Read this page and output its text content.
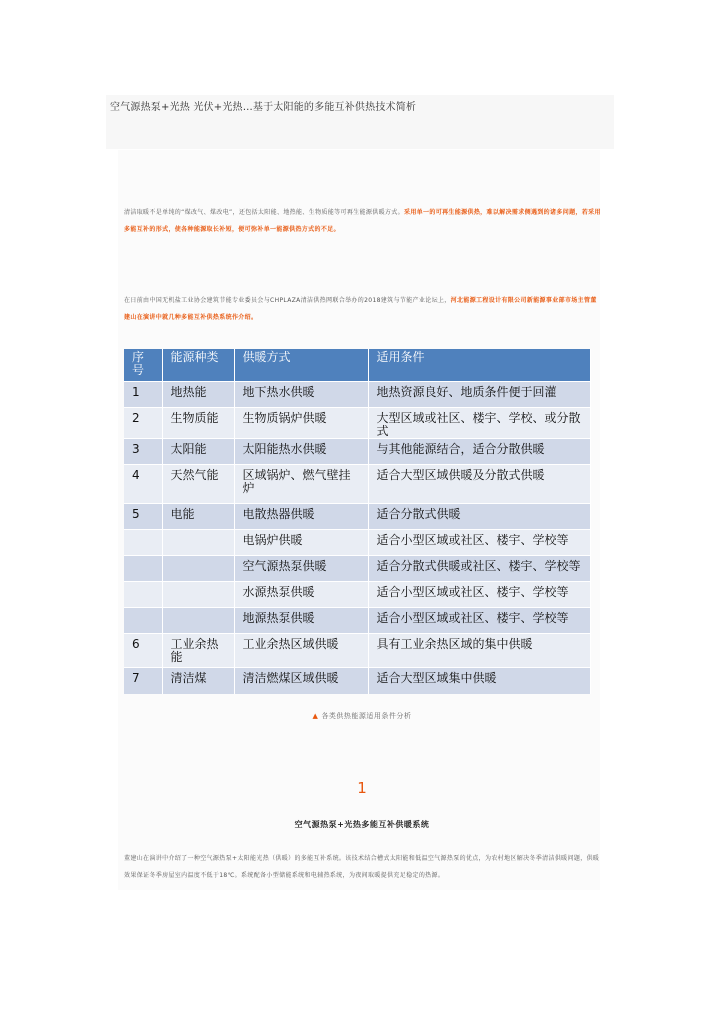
空气源热泵+光热 光伏+光热…基于太阳能的多能互补供热技术简析
清洁取暖不是单纯的“煤改气、煤改电”，还包括太阳能、地热能、生物质能等可再生能源供暖方式。采用单一的可再生能源供热，难以解决需求侧遇到的诸多问题，若采用多能互补的形式，使各种能源取长补短，便可弥补单一能源供热方式的不足。
在日前由中国无机盐工业协会建筑节能专业委员会与CHPLAZA清洁供热网联合举办的2018建筑与节能产业论坛上，河北能源工程设计有限公司新能源事业部市场主管董建山在演讲中就几种多能互补供热系统作介绍。
序号	能源种类	供暖方式	适用条件
1	地热能	地下热水供暖	地热资源良好、地质条件便于回灌
2	生物质能	生物质锅炉供暖	大型区域或社区、楼宇、学校、或分散式
3	太阳能	太阳能热水供暖	与其他能源结合，适合分散供暖
4	天然气能	区域锅炉、燃气壁挂炉	适合大型区域供暖及分散式供暖
5	电能	电散热器供暖	适合分散式供暖
		电锅炉供暖	适合小型区域或社区、楼宇、学校等
		空气源热泵供暖	适合分散式供暖或社区、楼宇、学校等
		水源热泵供暖	适合小型区域或社区、楼宇、学校等
		地源热泵供暖	适合小型区域或社区、楼宇、学校等
6	工业余热能	工业余热区域供暖	具有工业余热区域的集中供暖
7	清洁煤	清洁燃煤区域供暖	适合大型区域集中供暖
▲ 各类供热能源适用条件分析
1
空气源热泵+光热多能互补供暖系统
董建山在演讲中介绍了一种空气源热泵+太阳能光热（供暖）的多能互补系统。该技术结合槽式太阳能和低温空气源热泵的优点，为农村地区解决冬季清洁供暖问题，供暖效果保证冬季房屋室内温度不低于18℃。系统配备小型储能系统和电辅热系统，为夜间取暖提供充足稳定的热源。
